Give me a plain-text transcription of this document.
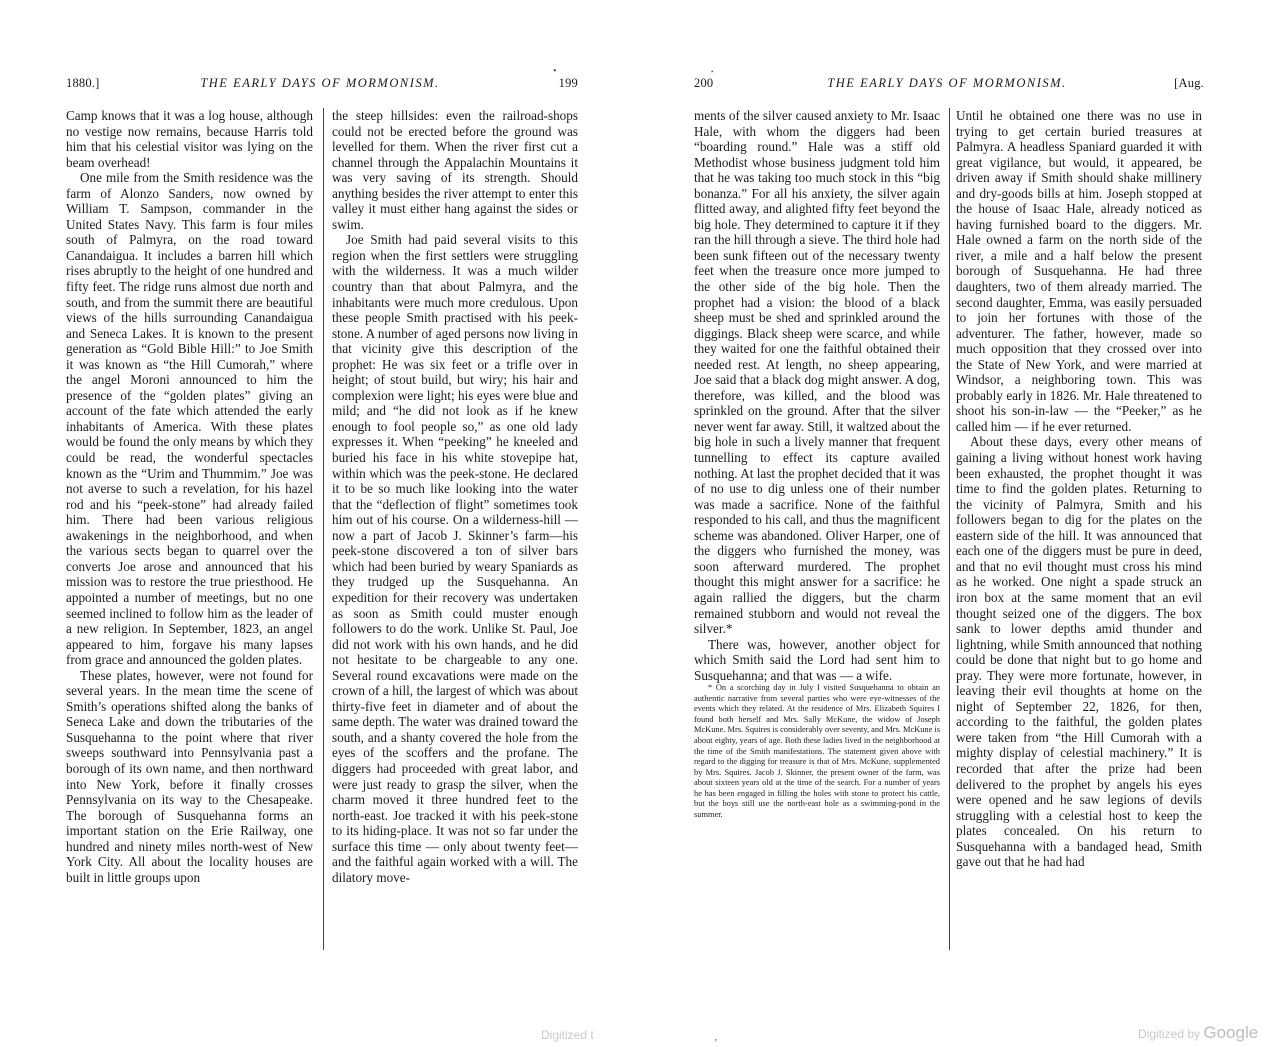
1880.]	THE EARLY DAYS OF MORMONISM.	199

Camp knows that it was a log house, although no vestige now remains, because Harris told him that his celestial visitor was lying on the beam overhead!

One mile from the Smith residence was the farm of Alonzo Sanders, now owned by William T. Sampson, commander in the United States Navy. This farm is four miles south of Palmyra, on the road toward Canandaigua. It includes a barren hill which rises abruptly to the height of one hundred and fifty feet. The ridge runs almost due north and south, and from the summit there are beautiful views of the hills surrounding Canandaigua and Seneca Lakes. It is known to the present generation as “Gold Bible Hill:” to Joe Smith it was known as “the Hill Cumorah,” where the angel Moroni announced to him the presence of the “golden plates” giving an account of the fate which attended the early inhabitants of America. With these plates would be found the only means by which they could be read, the wonderful spectacles known as the “Urim and Thummim.” Joe was not averse to such a revelation, for his hazel rod and his “peek-stone” had already failed him. There had been various religious awakenings in the neighborhood, and when the various sects began to quarrel over the converts Joe arose and announced that his mission was to restore the true priesthood. He appointed a number of meetings, but no one seemed inclined to follow him as the leader of a new religion. In September, 1823, an angel appeared to him, forgave his many lapses from grace and announced the golden plates.

These plates, however, were not found for several years. In the mean time the scene of Smith’s operations shifted along the banks of Seneca Lake and down the tributaries of the Susquehanna to the point where that river sweeps southward into Pennsylvania past a borough of its own name, and then northward into New York, before it finally crosses Pennsylvania on its way to the Chesapeake. The borough of Susquehanna forms an important station on the Erie Railway, one hundred and ninety miles north-west of New York City. All about the locality houses are built in little groups upon

the steep hillsides: even the railroad-shops could not be erected before the ground was levelled for them. When the river first cut a channel through the Appalachin Mountains it was very saving of its strength. Should anything besides the river attempt to enter this valley it must either hang against the sides or swim.

Joe Smith had paid several visits to this region when the first settlers were struggling with the wilderness. It was a much wilder country than that about Palmyra, and the inhabitants were much more credulous. Upon these people Smith practised with his peek-stone. A number of aged persons now living in that vicinity give this description of the prophet: He was six feet or a trifle over in height; of stout build, but wiry; his hair and complexion were light; his eyes were blue and mild; and “he did not look as if he knew enough to fool people so,” as one old lady expresses it. When “peeking” he kneeled and buried his face in his white stovepipe hat, within which was the peek-stone. He declared it to be so much like looking into the water that the “deflection of flight” sometimes took him out of his course. On a wilderness-hill — now a part of Jacob J. Skinner’s farm—his peek-stone discovered a ton of silver bars which had been buried by weary Spaniards as they trudged up the Susquehanna. An expedition for their recovery was undertaken as soon as Smith could muster enough followers to do the work. Unlike St. Paul, Joe did not work with his own hands, and he did not hesitate to be chargeable to any one. Several round excavations were made on the crown of a hill, the largest of which was about thirty-five feet in diameter and of about the same depth. The water was drained toward the south, and a shanty covered the hole from the eyes of the scoffers and the profane. The diggers had proceeded with great labor, and were just ready to grasp the silver, when the charm moved it three hundred feet to the north-east. Joe tracked it with his peek-stone to its hiding-place. It was not so far under the surface this time — only about twenty feet—and the faithful again worked with a will. The dilatory move-

200	THE EARLY DAYS OF MORMONISM.	[Aug.

ments of the silver caused anxiety to Mr. Isaac Hale, with whom the diggers had been “boarding round.” Hale was a stiff old Methodist whose business judgment told him that he was taking too much stock in this “big bonanza.” For all his anxiety, the silver again flitted away, and alighted fifty feet beyond the big hole. They determined to capture it if they ran the hill through a sieve. The third hole had been sunk fifteen out of the necessary twenty feet when the treasure once more jumped to the other side of the big hole. Then the prophet had a vision: the blood of a black sheep must be shed and sprinkled around the diggings. Black sheep were scarce, and while they waited for one the faithful obtained their needed rest. At length, no sheep appearing, Joe said that a black dog might answer. A dog, therefore, was killed, and the blood was sprinkled on the ground. After that the silver never went far away. Still, it waltzed about the big hole in such a lively manner that frequent tunnelling to effect its capture availed nothing. At last the prophet decided that it was of no use to dig unless one of their number was made a sacrifice. None of the faithful responded to his call, and thus the magnificent scheme was abandoned. Oliver Harper, one of the diggers who furnished the money, was soon afterward murdered. The prophet thought this might answer for a sacrifice: he again rallied the diggers, but the charm remained stubborn and would not reveal the silver.*

There was, however, another object for which Smith said the Lord had sent him to Susquehanna; and that was — a wife.

* On a scorching day in July I visited Susquehanna to obtain an authentic narrative from several parties who were eye-witnesses of the events which they related. At the residence of Mrs. Elizabeth Squires I found both herself and Mrs. Sally McKune, the widow of Joseph McKune. Mrs. Squires is considerably over seventy, and Mrs. McKune is about eighty, years of age. Both these ladies lived in the neighborhood at the time of the Smith manifestations. The statement given above with regard to the digging for treasure is that of Mrs. McKune, supplemented by Mrs. Squires. Jacob J. Skinner, the present owner of the farm, was about sixteen years old at the time of the search. For a number of years he has been engaged in filling the holes with stone to protect his cattle, but the boys still use the north-east hole as a swimming-pond in the summer.

Until he obtained one there was no use in trying to get certain buried treasures at Palmyra. A headless Spaniard guarded it with great vigilance, but would, it appeared, be driven away if Smith should shake millinery and dry-goods bills at him. Joseph stopped at the house of Isaac Hale, already noticed as having furnished board to the diggers. Mr. Hale owned a farm on the north side of the river, a mile and a half below the present borough of Susquehanna. He had three daughters, two of them already married. The second daughter, Emma, was easily persuaded to join her fortunes with those of the adventurer. The father, however, made so much opposition that they crossed over into the State of New York, and were married at Windsor, a neighboring town. This was probably early in 1826. Mr. Hale threatened to shoot his son-in-law — the “Peeker,” as he called him — if he ever returned.

About these days, every other means of gaining a living without honest work having been exhausted, the prophet thought it was time to find the golden plates. Returning to the vicinity of Palmyra, Smith and his followers began to dig for the plates on the eastern side of the hill. It was announced that each one of the diggers must be pure in deed, and that no evil thought must cross his mind as he worked. One night a spade struck an iron box at the same moment that an evil thought seized one of the diggers. The box sank to lower depths amid thunder and lightning, while Smith announced that nothing could be done that night but to go home and pray. They were more fortunate, however, in leaving their evil thoughts at home on the night of September 22, 1826, for then, according to the faithful, the golden plates were taken from “the Hill Cumorah with a mighty display of celestial machinery.” It is recorded that after the prize had been delivered to the prophet by angels his eyes were opened and he saw legions of devils struggling with a celestial host to keep the plates concealed. On his return to Susquehanna with a bandaged head, Smith gave out that he had had

•	•
‚
Digitized t	Digitized by Google
